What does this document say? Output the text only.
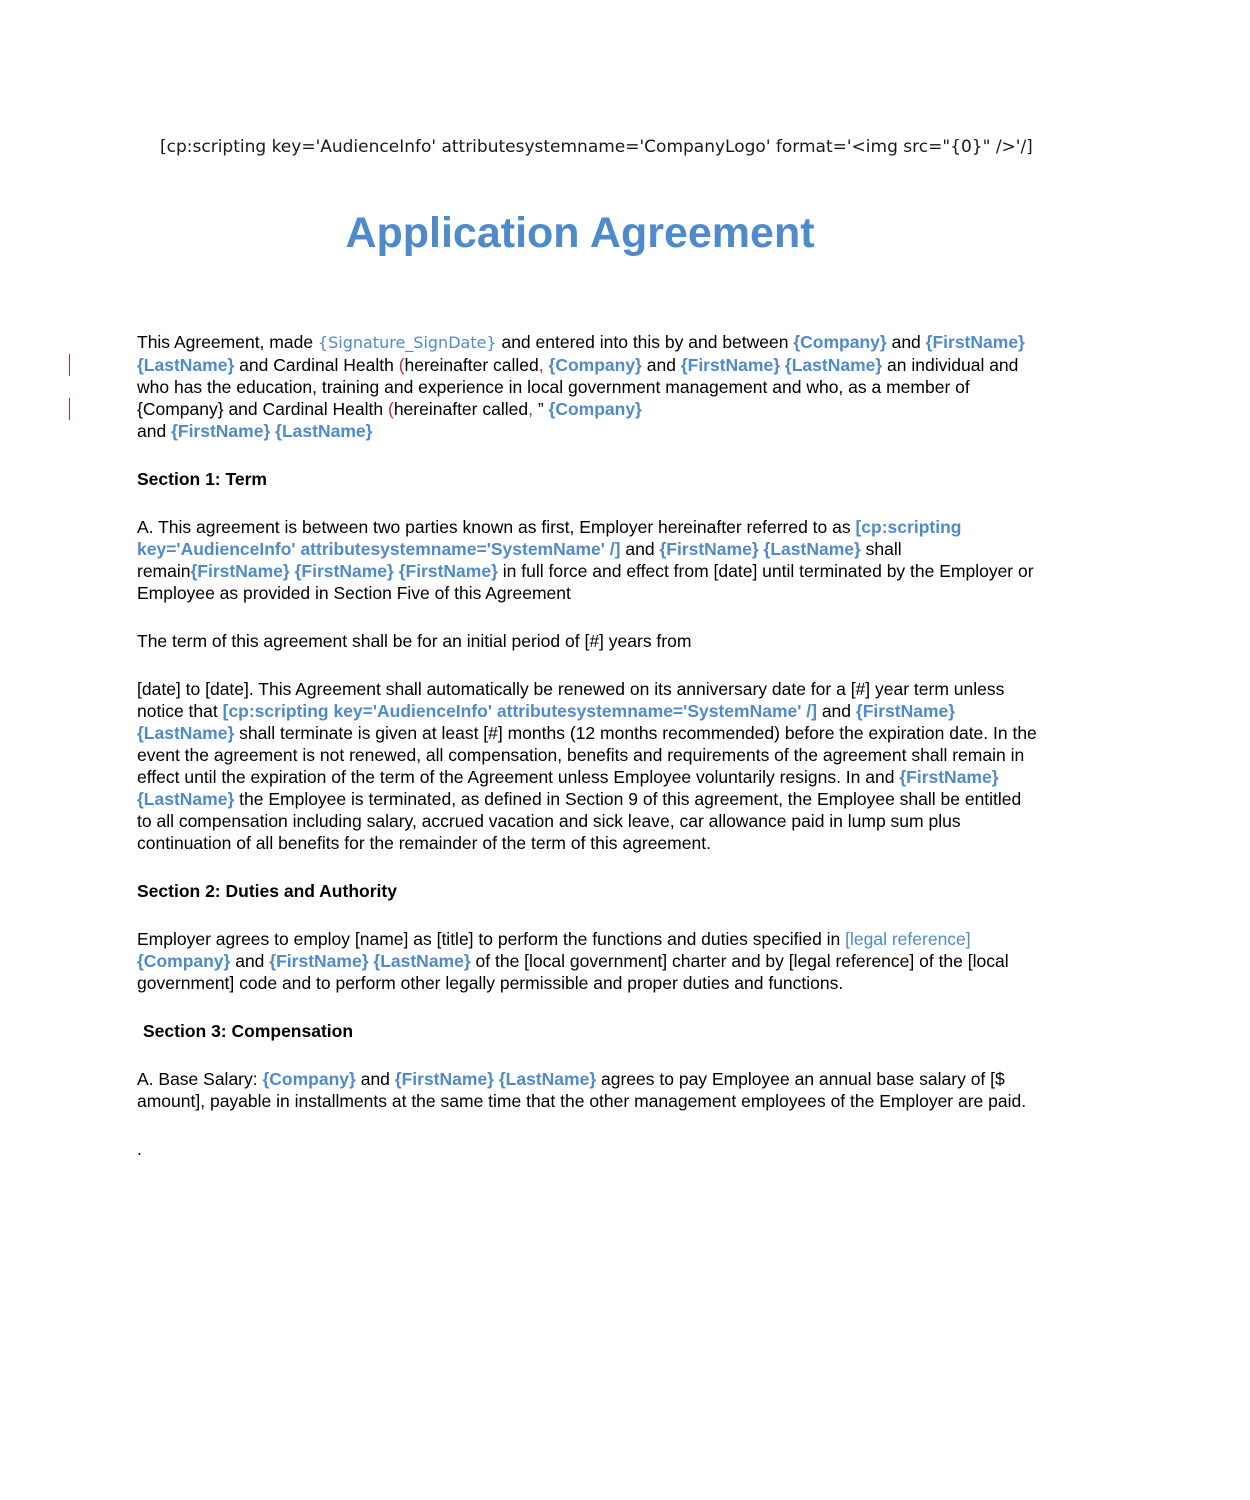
[cp:scripting key='AudienceInfo' attributesystemname='CompanyLogo' format='<img src="{0}" />'/]
Application Agreement

This Agreement, made {Signature_SignDate} and entered into this by and between {Company} and {FirstName} {LastName} and Cardinal Health (hereinafter called, {Company} and {FirstName} {LastName} an individual and who has the education, training and experience in local government management and who, as a member of {Company} and Cardinal Health (hereinafter called, ” {Company}
and {FirstName} {LastName}

Section 1: Term

A. This agreement is between two parties known as first, Employer hereinafter referred to as [cp:scripting key='AudienceInfo' attributesystemname='SystemName' /] and {FirstName} {LastName} shall remain{FirstName} {FirstName} {FirstName} in full force and effect from [date] until terminated by the Employer or Employee as provided in Section Five of this Agreement

The term of this agreement shall be for an initial period of [#] years from

[date] to [date]. This Agreement shall automatically be renewed on its anniversary date for a [#] year term unless notice that [cp:scripting key='AudienceInfo' attributesystemname='SystemName' /] and {FirstName} {LastName} shall terminate is given at least [#] months (12 months recommended) before the expiration date. In the event the agreement is not renewed, all compensation, benefits and requirements of the agreement shall remain in effect until the expiration of the term of the Agreement unless Employee voluntarily resigns. In and {FirstName} {LastName} the Employee is terminated, as defined in Section 9 of this agreement, the Employee shall be entitled to all compensation including salary, accrued vacation and sick leave, car allowance paid in lump sum plus continuation of all benefits for the remainder of the term of this agreement.

Section 2: Duties and Authority

Employer agrees to employ [name] as [title] to perform the functions and duties specified in [legal reference] {Company} and {FirstName} {LastName} of the [local government] charter and by [legal reference] of the [local government] code and to perform other legally permissible and proper duties and functions.

Section 3: Compensation

A. Base Salary: {Company} and {FirstName} {LastName} agrees to pay Employee an annual base salary of [$ amount], payable in installments at the same time that the other management employees of the Employer are paid.

.
